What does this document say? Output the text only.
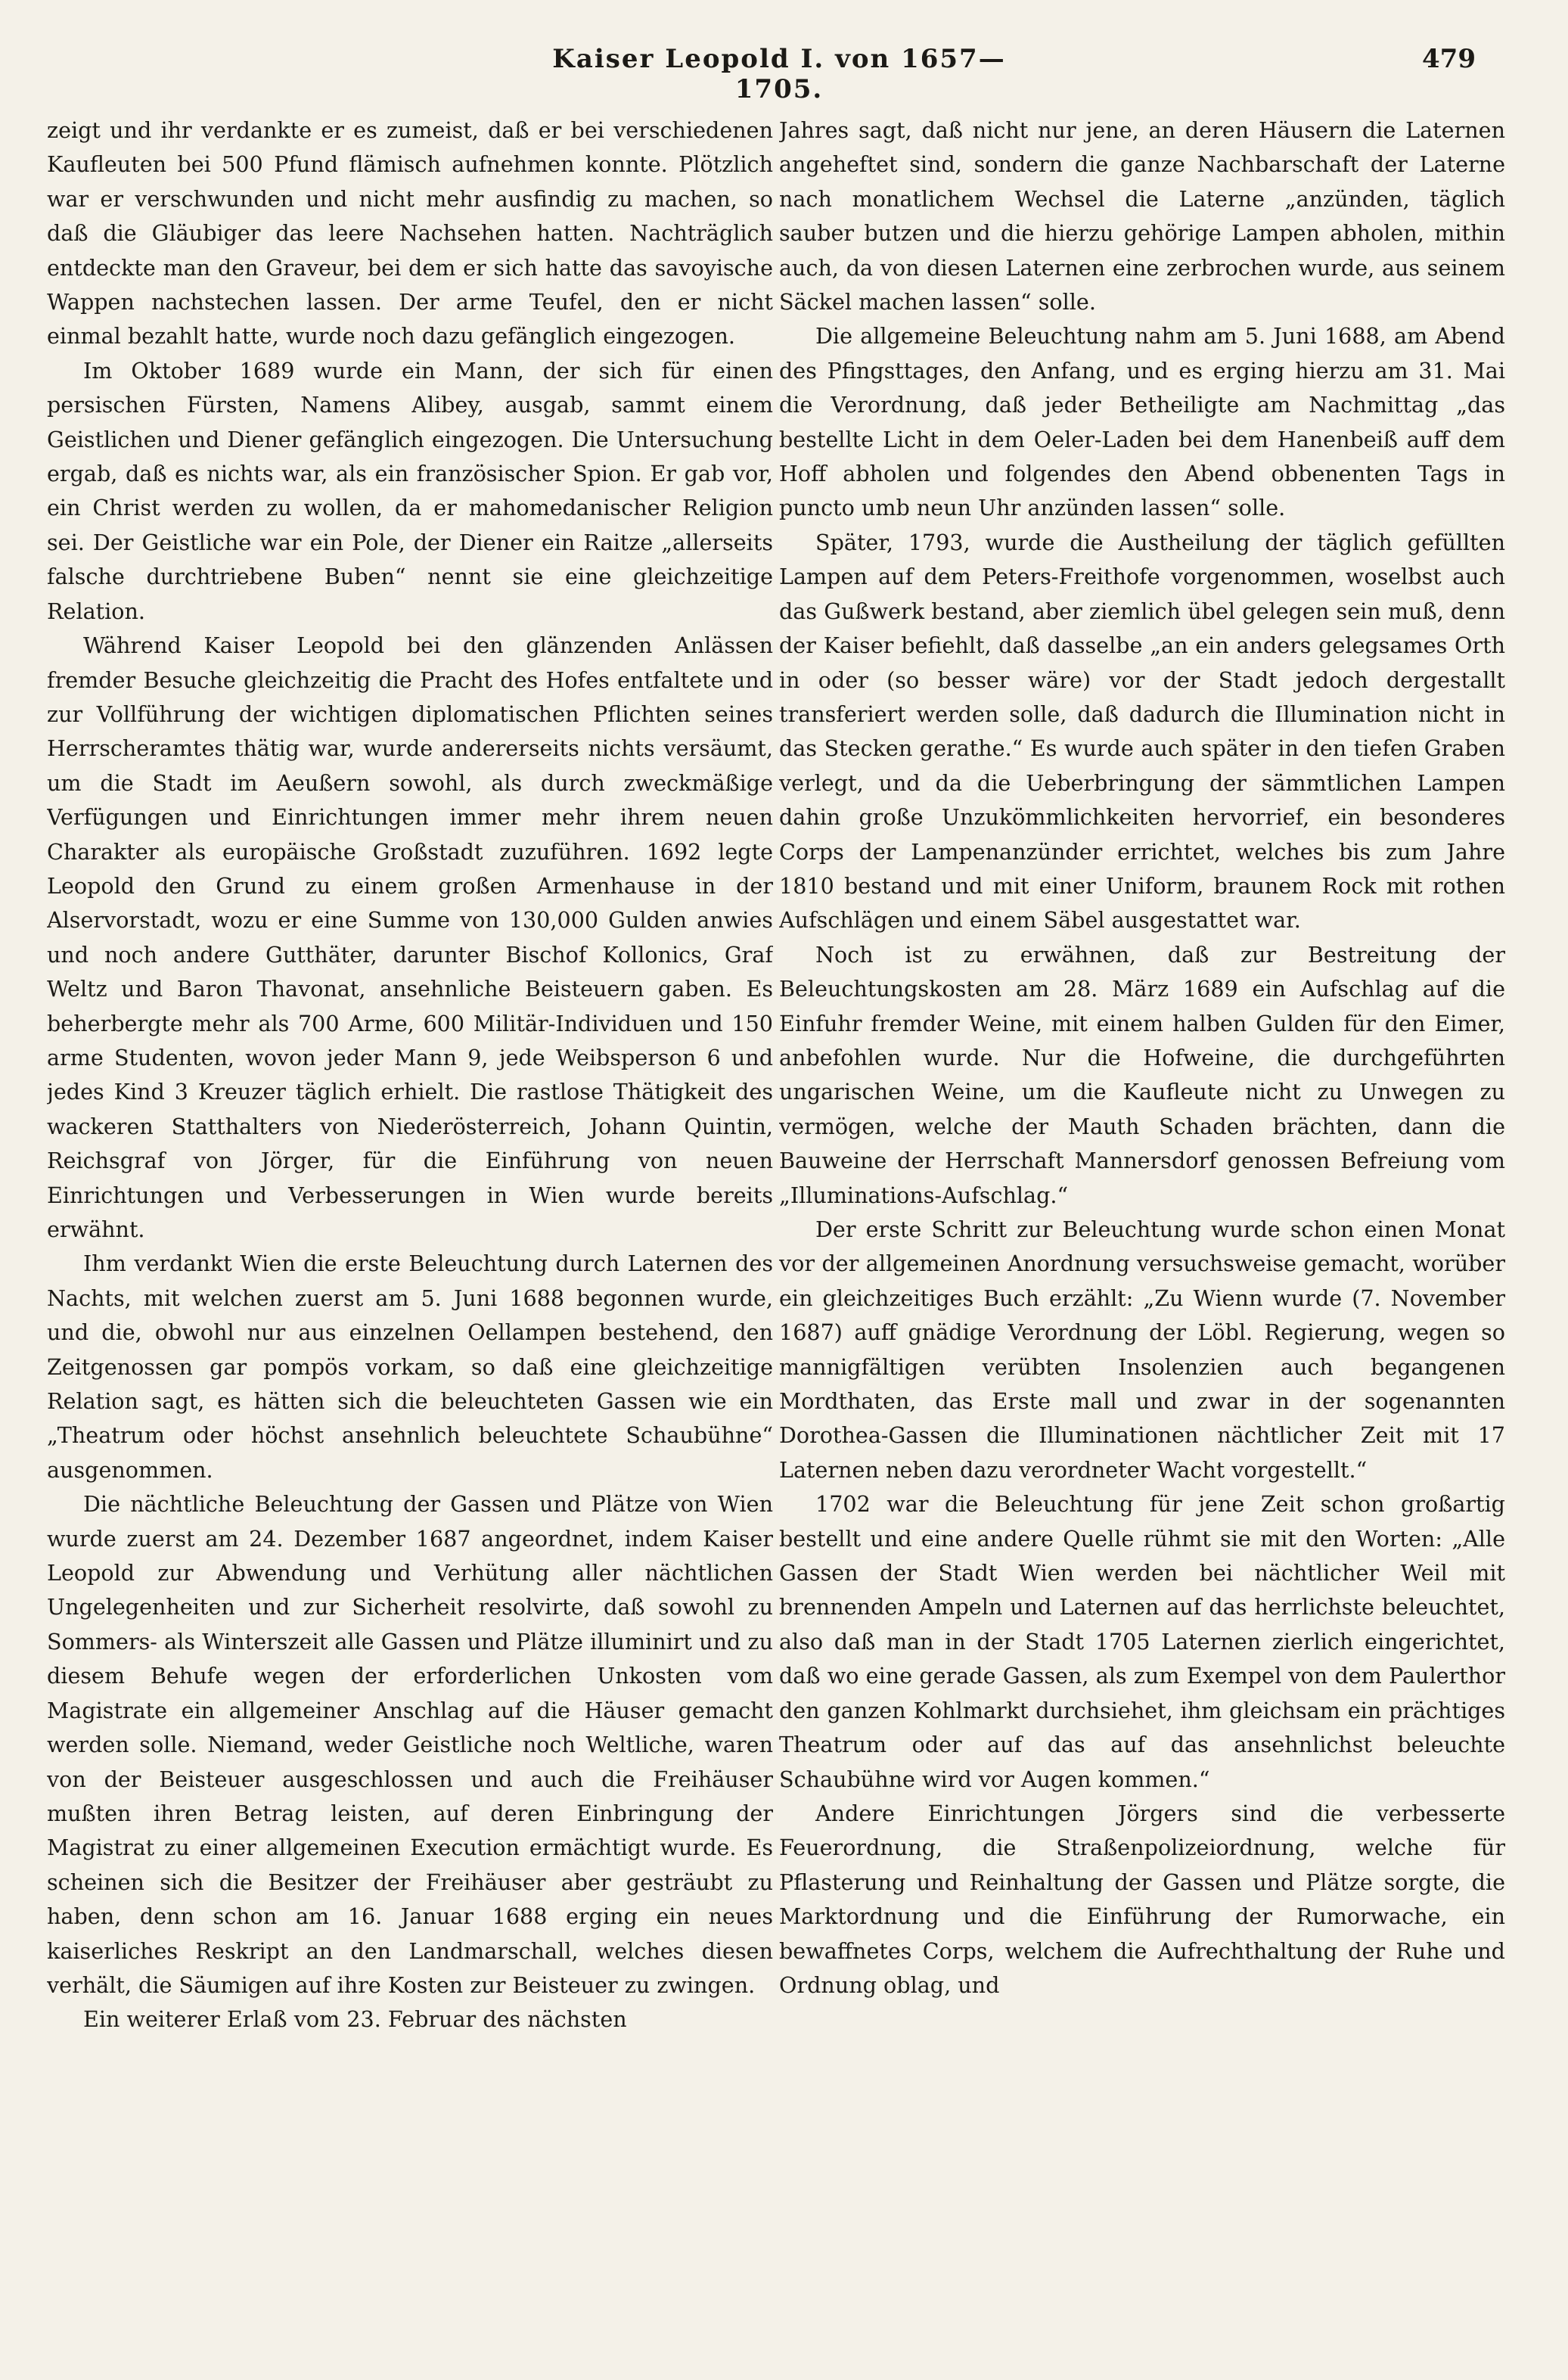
Kaiser Leopold I. von 1657—1705.
479

zeigt und ihr verdankte er es zumeist, daß er bei verschiedenen Kaufleuten bei 500 Pfund flämisch aufnehmen konnte. Plötzlich war er verschwunden und nicht mehr ausfindig zu machen, so daß die Gläubiger das leere Nachsehen hatten. Nachträglich entdeckte man den Graveur, bei dem er sich hatte das savoyische Wappen nachstechen lassen. Der arme Teufel, den er nicht einmal bezahlt hatte, wurde noch dazu gefänglich eingezogen.

Im Oktober 1689 wurde ein Mann, der sich für einen persischen Fürsten, Namens Alibey, ausgab, sammt einem Geistlichen und Diener gefänglich eingezogen. Die Untersuchung ergab, daß es nichts war, als ein französischer Spion. Er gab vor, ein Christ werden zu wollen, da er mahomedanischer Religion sei. Der Geistliche war ein Pole, der Diener ein Raitze „allerseits falsche durchtriebene Buben“ nennt sie eine gleichzeitige Relation.

Während Kaiser Leopold bei den glänzenden Anlässen fremder Besuche gleichzeitig die Pracht des Hofes entfaltete und zur Vollführung der wichtigen diplomatischen Pflichten seines Herrscheramtes thätig war, wurde andererseits nichts versäumt, um die Stadt im Aeußern sowohl, als durch zweckmäßige Verfügungen und Einrichtungen immer mehr ihrem neuen Charakter als europäische Großstadt zuzuführen. 1692 legte Leopold den Grund zu einem großen Armenhause in der Alservorstadt, wozu er eine Summe von 130,000 Gulden anwies und noch andere Gutthäter, darunter Bischof Kollonics, Graf Weltz und Baron Thavonat, ansehnliche Beisteuern gaben. Es beherbergte mehr als 700 Arme, 600 Militär-Individuen und 150 arme Studenten, wovon jeder Mann 9, jede Weibsperson 6 und jedes Kind 3 Kreuzer täglich erhielt. Die rastlose Thätigkeit des wackeren Statthalters von Niederösterreich, Johann Quintin, Reichsgraf von Jörger, für die Einführung von neuen Einrichtungen und Verbesserungen in Wien wurde bereits erwähnt.

Ihm verdankt Wien die erste Beleuchtung durch Laternen des Nachts, mit welchen zuerst am 5. Juni 1688 begonnen wurde, und die, obwohl nur aus einzelnen Oellampen bestehend, den Zeitgenossen gar pompös vorkam, so daß eine gleichzeitige Relation sagt, es hätten sich die beleuchteten Gassen wie ein „Theatrum oder höchst ansehnlich beleuchtete Schaubühne“ ausgenommen.

Die nächtliche Beleuchtung der Gassen und Plätze von Wien wurde zuerst am 24. Dezember 1687 angeordnet, indem Kaiser Leopold zur Abwendung und Verhütung aller nächtlichen Ungelegenheiten und zur Sicherheit resolvirte, daß sowohl zu Sommers- als Winterszeit alle Gassen und Plätze illuminirt und zu diesem Behufe wegen der erforderlichen Unkosten vom Magistrate ein allgemeiner Anschlag auf die Häuser gemacht werden solle. Niemand, weder Geistliche noch Weltliche, waren von der Beisteuer ausgeschlossen und auch die Freihäuser mußten ihren Betrag leisten, auf deren Einbringung der Magistrat zu einer allgemeinen Execution ermächtigt wurde. Es scheinen sich die Besitzer der Freihäuser aber gesträubt zu haben, denn schon am 16. Januar 1688 erging ein neues kaiserliches Reskript an den Landmarschall, welches diesen verhält, die Säumigen auf ihre Kosten zur Beisteuer zu zwingen.

Ein weiterer Erlaß vom 23. Februar des nächsten

Jahres sagt, daß nicht nur jene, an deren Häusern die Laternen angeheftet sind, sondern die ganze Nachbarschaft der Laterne nach monatlichem Wechsel die Laterne „anzünden, täglich sauber butzen und die hierzu gehörige Lampen abholen, mithin auch, da von diesen Laternen eine zerbrochen wurde, aus seinem Säckel machen lassen“ solle.

Die allgemeine Beleuchtung nahm am 5. Juni 1688, am Abend des Pfingsttages, den Anfang, und es erging hierzu am 31. Mai die Verordnung, daß jeder Betheiligte am Nachmittag „das bestellte Licht in dem Oeler-Laden bei dem Hanenbeiß auff dem Hoff abholen und folgendes den Abend obbenenten Tags in puncto umb neun Uhr anzünden lassen“ solle.

Später, 1793, wurde die Austheilung der täglich gefüllten Lampen auf dem Peters-Freithofe vorgenommen, woselbst auch das Gußwerk bestand, aber ziemlich übel gelegen sein muß, denn der Kaiser befiehlt, daß dasselbe „an ein anders gelegsames Orth in oder (so besser wäre) vor der Stadt jedoch dergestallt transferiert werden solle, daß dadurch die Illumination nicht in das Stecken gerathe.“ Es wurde auch später in den tiefen Graben verlegt, und da die Ueberbringung der sämmtlichen Lampen dahin große Unzukömmlichkeiten hervorrief, ein besonderes Corps der Lampenanzünder errichtet, welches bis zum Jahre 1810 bestand und mit einer Uniform, braunem Rock mit rothen Aufschlägen und einem Säbel ausgestattet war.

Noch ist zu erwähnen, daß zur Bestreitung der Beleuchtungskosten am 28. März 1689 ein Aufschlag auf die Einfuhr fremder Weine, mit einem halben Gulden für den Eimer, anbefohlen wurde. Nur die Hofweine, die durchgeführten ungarischen Weine, um die Kaufleute nicht zu Unwegen zu vermögen, welche der Mauth Schaden brächten, dann die Bauweine der Herrschaft Mannersdorf genossen Befreiung vom „Illuminations-Aufschlag.“

Der erste Schritt zur Beleuchtung wurde schon einen Monat vor der allgemeinen Anordnung versuchsweise gemacht, worüber ein gleichzeitiges Buch erzählt: „Zu Wienn wurde (7. November 1687) auff gnädige Verordnung der Löbl. Regierung, wegen so mannigfältigen verübten Insolenzien auch begangenen Mordthaten, das Erste mall und zwar in der sogenannten Dorothea-Gassen die Illuminationen nächtlicher Zeit mit 17 Laternen neben dazu verordneter Wacht vorgestellt.“

1702 war die Beleuchtung für jene Zeit schon großartig bestellt und eine andere Quelle rühmt sie mit den Worten: „Alle Gassen der Stadt Wien werden bei nächtlicher Weil mit brennenden Ampeln und Laternen auf das herrlichste beleuchtet, also daß man in der Stadt 1705 Laternen zierlich eingerichtet, daß wo eine gerade Gassen, als zum Exempel von dem Paulerthor den ganzen Kohlmarkt durchsiehet, ihm gleichsam ein prächtiges Theatrum oder auf das auf das ansehnlichst beleuchte Schaubühne wird vor Augen kommen.“

Andere Einrichtungen Jörgers sind die verbesserte Feuerordnung, die Straßenpolizeiordnung, welche für Pflasterung und Reinhaltung der Gassen und Plätze sorgte, die Marktordnung und die Einführung der Rumorwache, ein bewaffnetes Corps, welchem die Aufrechthaltung der Ruhe und Ordnung oblag, und
